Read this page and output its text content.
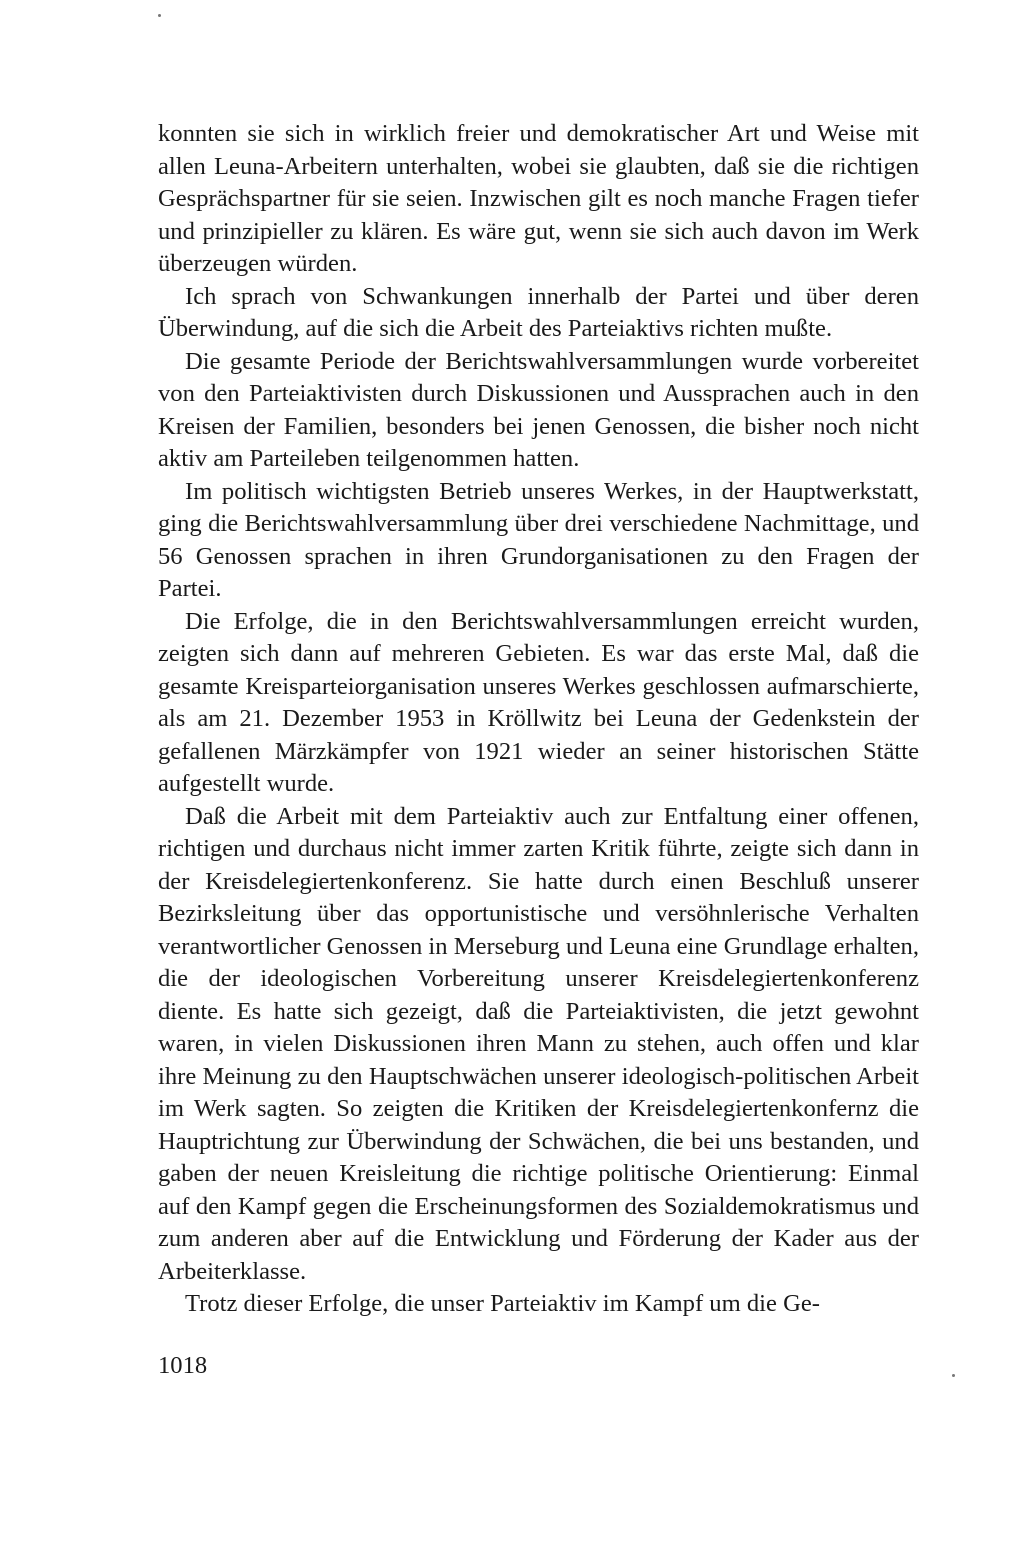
konnten sie sich in wirklich freier und demokratischer Art und Weise mit allen Leuna-Arbeitern unterhalten, wobei sie glaubten, daß sie die richtigen Gesprächspartner für sie seien. Inzwischen gilt es noch manche Fragen tiefer und prinzipieller zu klären. Es wäre gut, wenn sie sich auch davon im Werk überzeugen würden.

Ich sprach von Schwankungen innerhalb der Partei und über deren Überwindung, auf die sich die Arbeit des Parteiaktivs richten mußte.

Die gesamte Periode der Berichtswahlversammlungen wurde vorbereitet von den Parteiaktivisten durch Diskussionen und Aussprachen auch in den Kreisen der Familien, besonders bei jenen Genossen, die bisher noch nicht aktiv am Parteileben teilgenommen hatten.

Im politisch wichtigsten Betrieb unseres Werkes, in der Hauptwerkstatt, ging die Berichtswahlversammlung über drei verschiedene Nachmittage, und 56 Genossen sprachen in ihren Grundorganisationen zu den Fragen der Partei.

Die Erfolge, die in den Berichtswahlversammlungen erreicht wurden, zeigten sich dann auf mehreren Gebieten. Es war das erste Mal, daß die gesamte Kreisparteiorganisation unseres Werkes geschlossen aufmarschierte, als am 21. Dezember 1953 in Kröllwitz bei Leuna der Gedenkstein der gefallenen Märzkämpfer von 1921 wieder an seiner historischen Stätte aufgestellt wurde.

Daß die Arbeit mit dem Parteiaktiv auch zur Entfaltung einer offenen, richtigen und durchaus nicht immer zarten Kritik führte, zeigte sich dann in der Kreisdelegiertenkonferenz. Sie hatte durch einen Beschluß unserer Bezirksleitung über das opportunistische und versöhnlerische Verhalten verantwortlicher Genossen in Merseburg und Leuna eine Grundlage erhalten, die der ideologischen Vorbereitung unserer Kreisdelegiertenkonferenz diente. Es hatte sich gezeigt, daß die Parteiaktivisten, die jetzt gewohnt waren, in vielen Diskussionen ihren Mann zu stehen, auch offen und klar ihre Meinung zu den Hauptschwächen unserer ideologisch-politischen Arbeit im Werk sagten. So zeigten die Kritiken der Kreisdelegiertenkonfernz die Hauptrichtung zur Überwindung der Schwächen, die bei uns bestanden, und gaben der neuen Kreisleitung die richtige politische Orientierung: Einmal auf den Kampf gegen die Erscheinungsformen des Sozialdemokratismus und zum anderen aber auf die Entwicklung und Förderung der Kader aus der Arbeiterklasse.

Trotz dieser Erfolge, die unser Parteiaktiv im Kampf um die Ge-

1018
